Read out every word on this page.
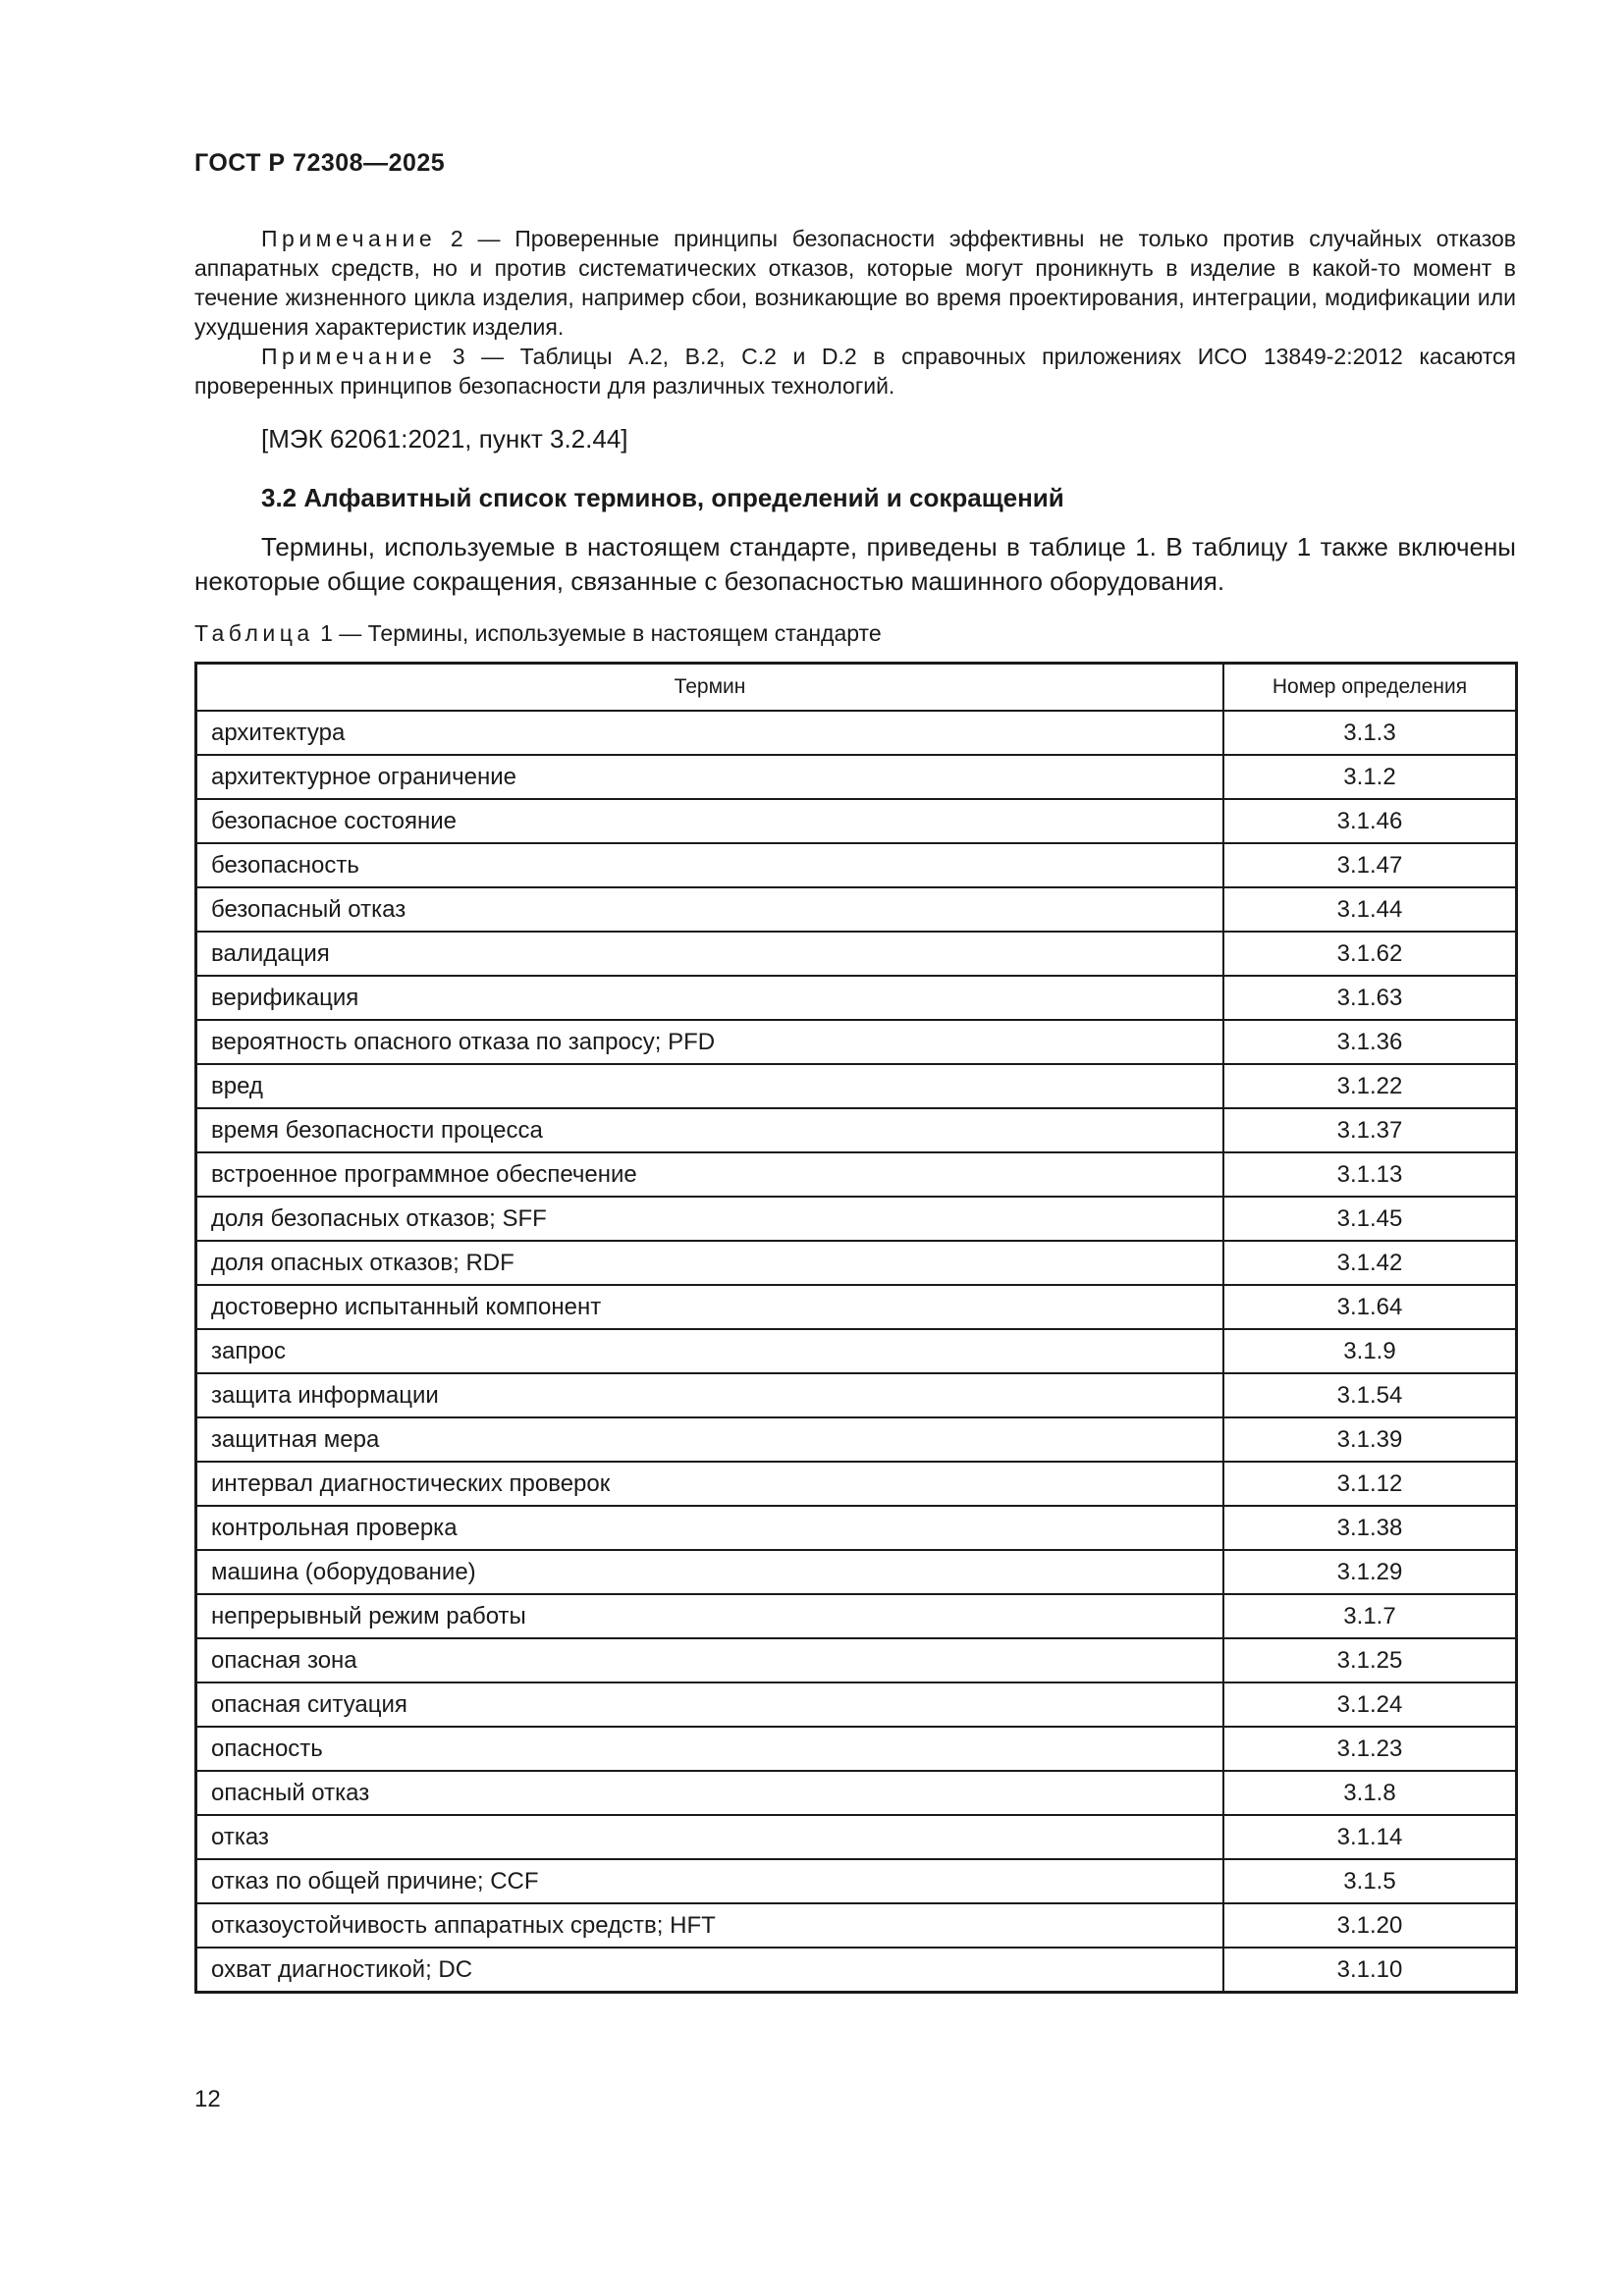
ГОСТ Р 72308—2025
Примечание 2 — Проверенные принципы безопасности эффективны не только против случайных отказов аппаратных средств, но и против систематических отказов, которые могут проникнуть в изделие в какой-то момент в течение жизненного цикла изделия, например сбои, возникающие во время проектирования, интеграции, модификации или ухудшения характеристик изделия.
Примечание 3 — Таблицы А.2, В.2, С.2 и D.2 в справочных приложениях ИСО 13849-2:2012 касаются проверенных принципов безопасности для различных технологий.
[МЭК 62061:2021, пункт 3.2.44]
3.2 Алфавитный список терминов, определений и сокращений
Термины, используемые в настоящем стандарте, приведены в таблице 1. В таблицу 1 также включены некоторые общие сокращения, связанные с безопасностью машинного оборудования.
Таблица 1 — Термины, используемые в настоящем стандарте
Термин	Номер определения
архитектура	3.1.3
архитектурное ограничение	3.1.2
безопасное состояние	3.1.46
безопасность	3.1.47
безопасный отказ	3.1.44
валидация	3.1.62
верификация	3.1.63
вероятность опасного отказа по запросу; PFD	3.1.36
вред	3.1.22
время безопасности процесса	3.1.37
встроенное программное обеспечение	3.1.13
доля безопасных отказов; SFF	3.1.45
доля опасных отказов; RDF	3.1.42
достоверно испытанный компонент	3.1.64
запрос	3.1.9
защита информации	3.1.54
защитная мера	3.1.39
интервал диагностических проверок	3.1.12
контрольная проверка	3.1.38
машина (оборудование)	3.1.29
непрерывный режим работы	3.1.7
опасная зона	3.1.25
опасная ситуация	3.1.24
опасность	3.1.23
опасный отказ	3.1.8
отказ	3.1.14
отказ по общей причине; CCF	3.1.5
отказоустойчивость аппаратных средств; HFT	3.1.20
охват диагностикой; DC	3.1.10
12
